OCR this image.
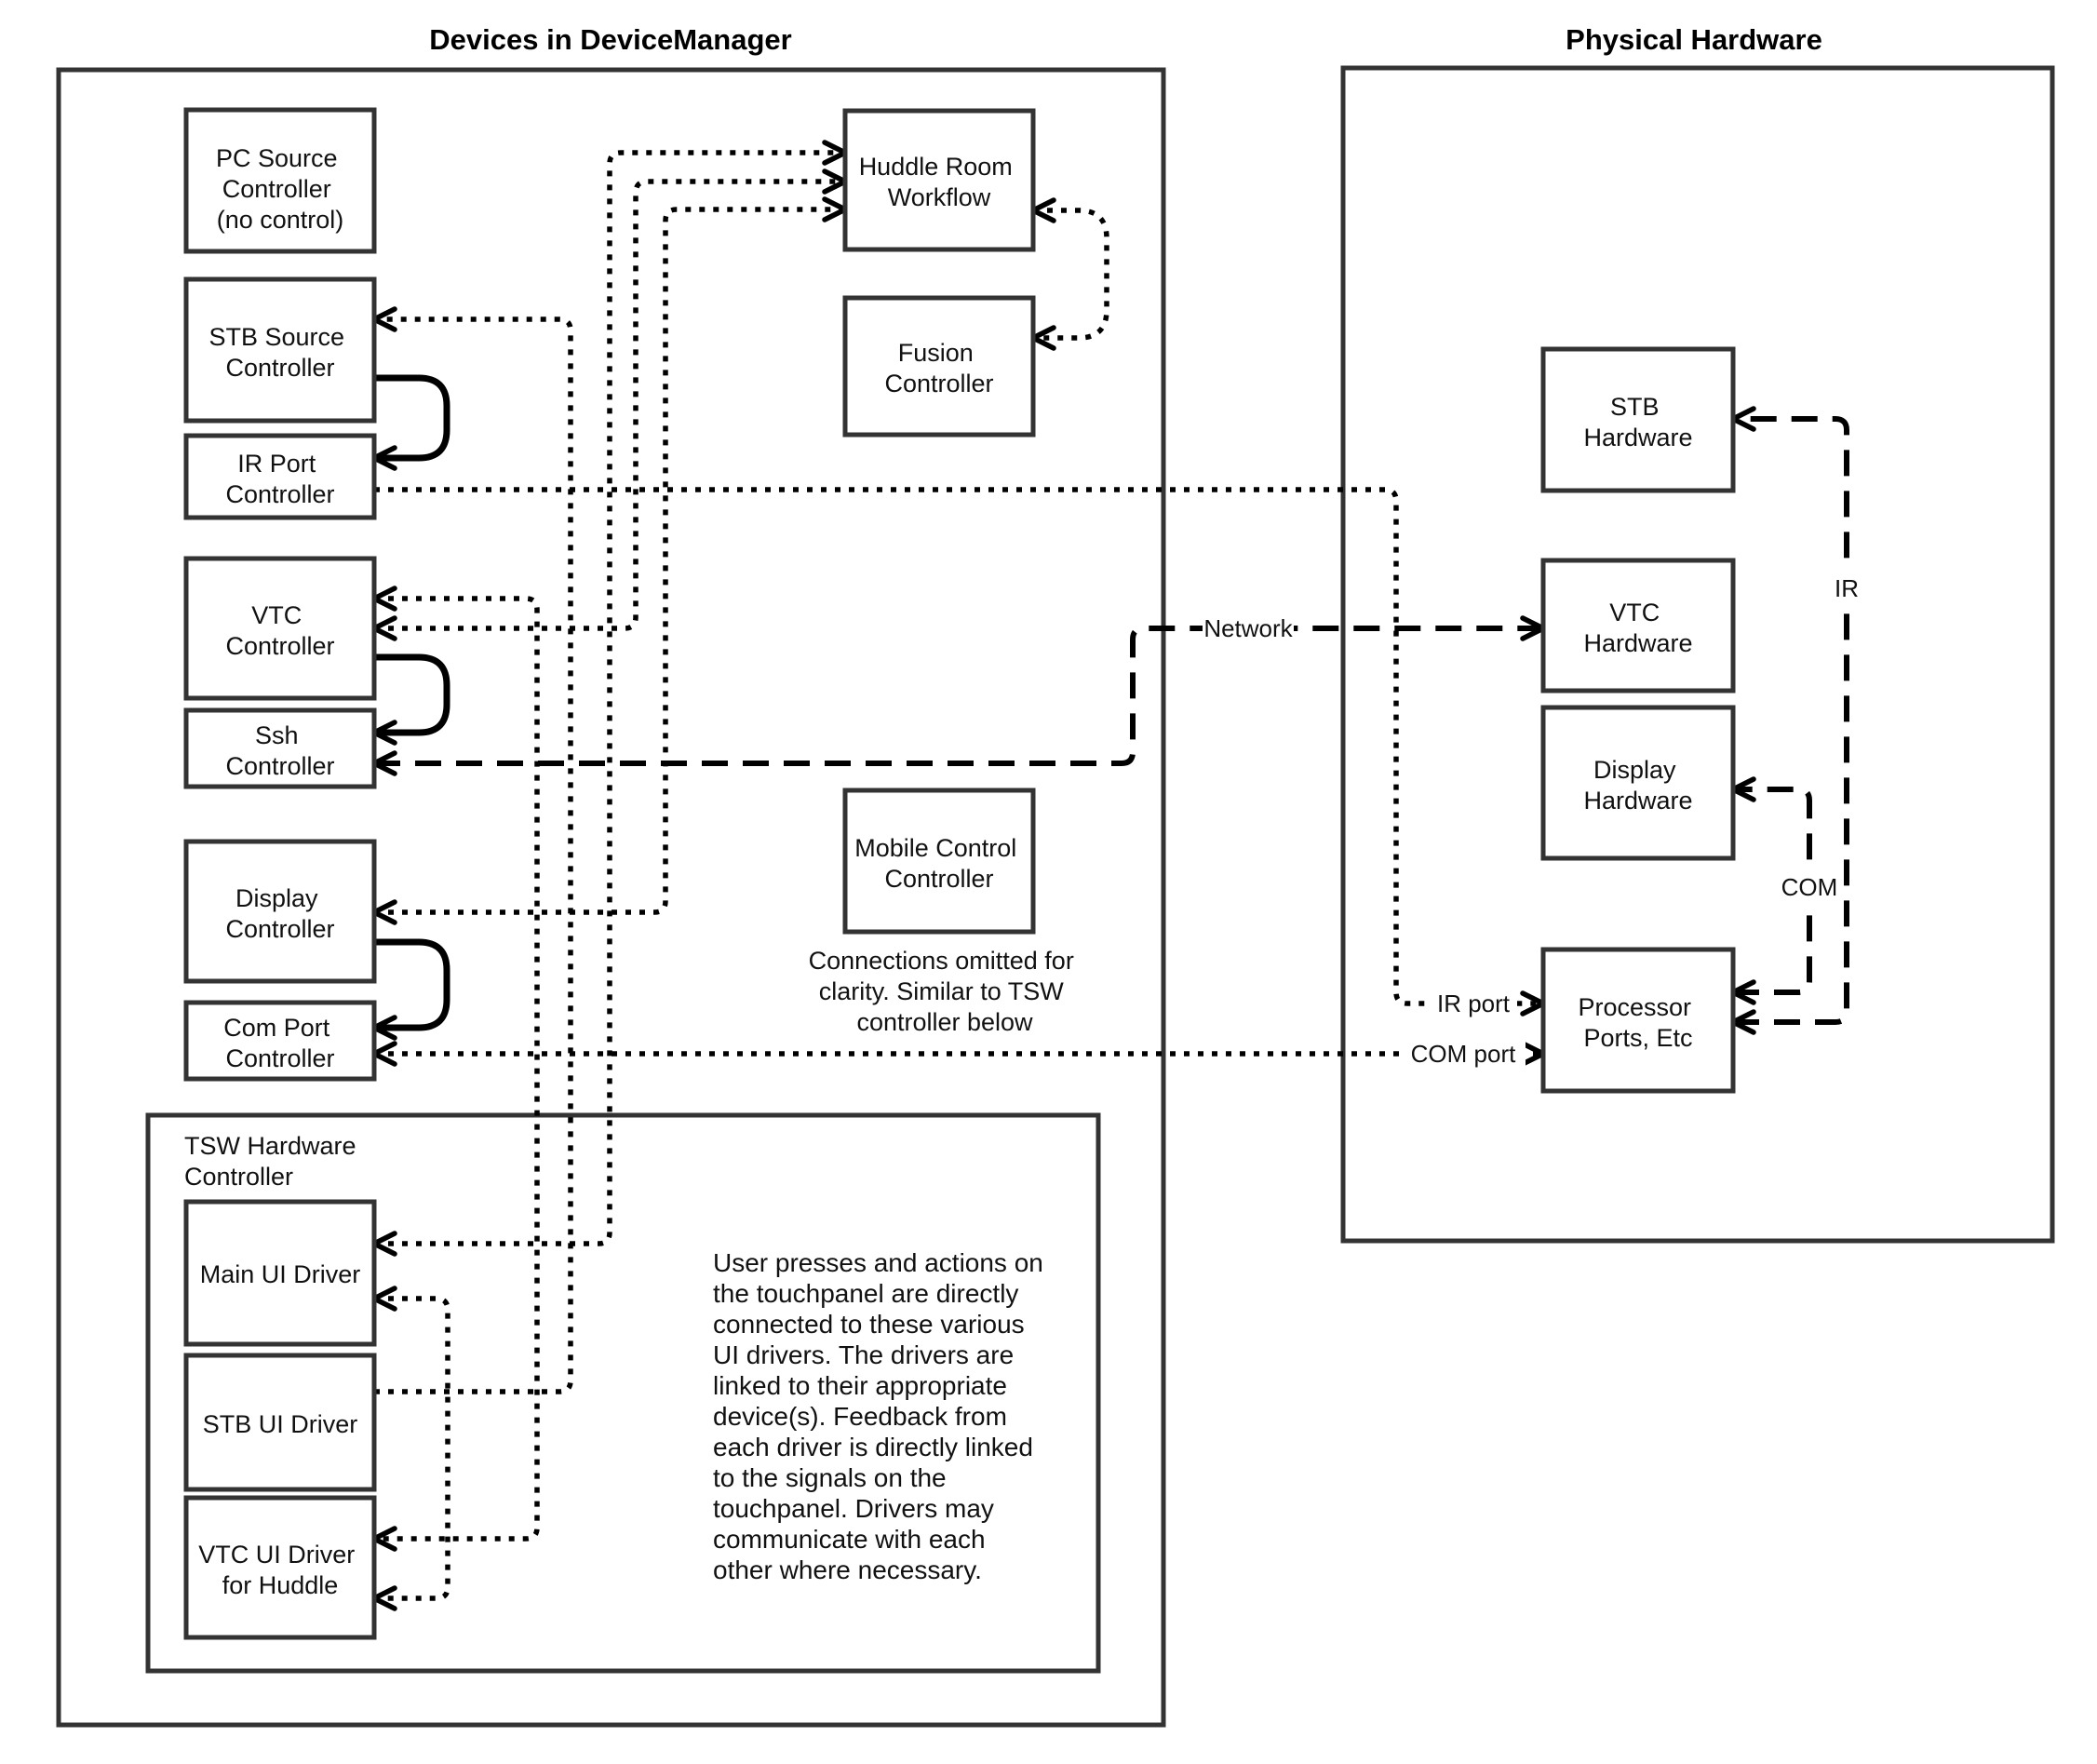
Devices in DeviceManager	Physical Hardware
PC Source Controller (no control)
STB Source Controller
IR Port Controller
VTC Controller
Ssh Controller
Display Controller
Com Port Controller
Huddle Room Workflow
Fusion Controller
Mobile Control Controller
Connections omitted for clarity. Similar to TSW controller below
TSW Hardware Controller
Main UI Driver
STB UI Driver
VTC UI Driver for Huddle
User presses and actions on the touchpanel are directly connected to these various UI drivers. The drivers are linked to their appropriate device(s). Feedback from each driver is directly linked to the signals on the touchpanel. Drivers may communicate with each other where necessary.
STB Hardware
VTC Hardware
Display Hardware
Processor Ports, Etc
Network
IR port
COM port
IR
COM
